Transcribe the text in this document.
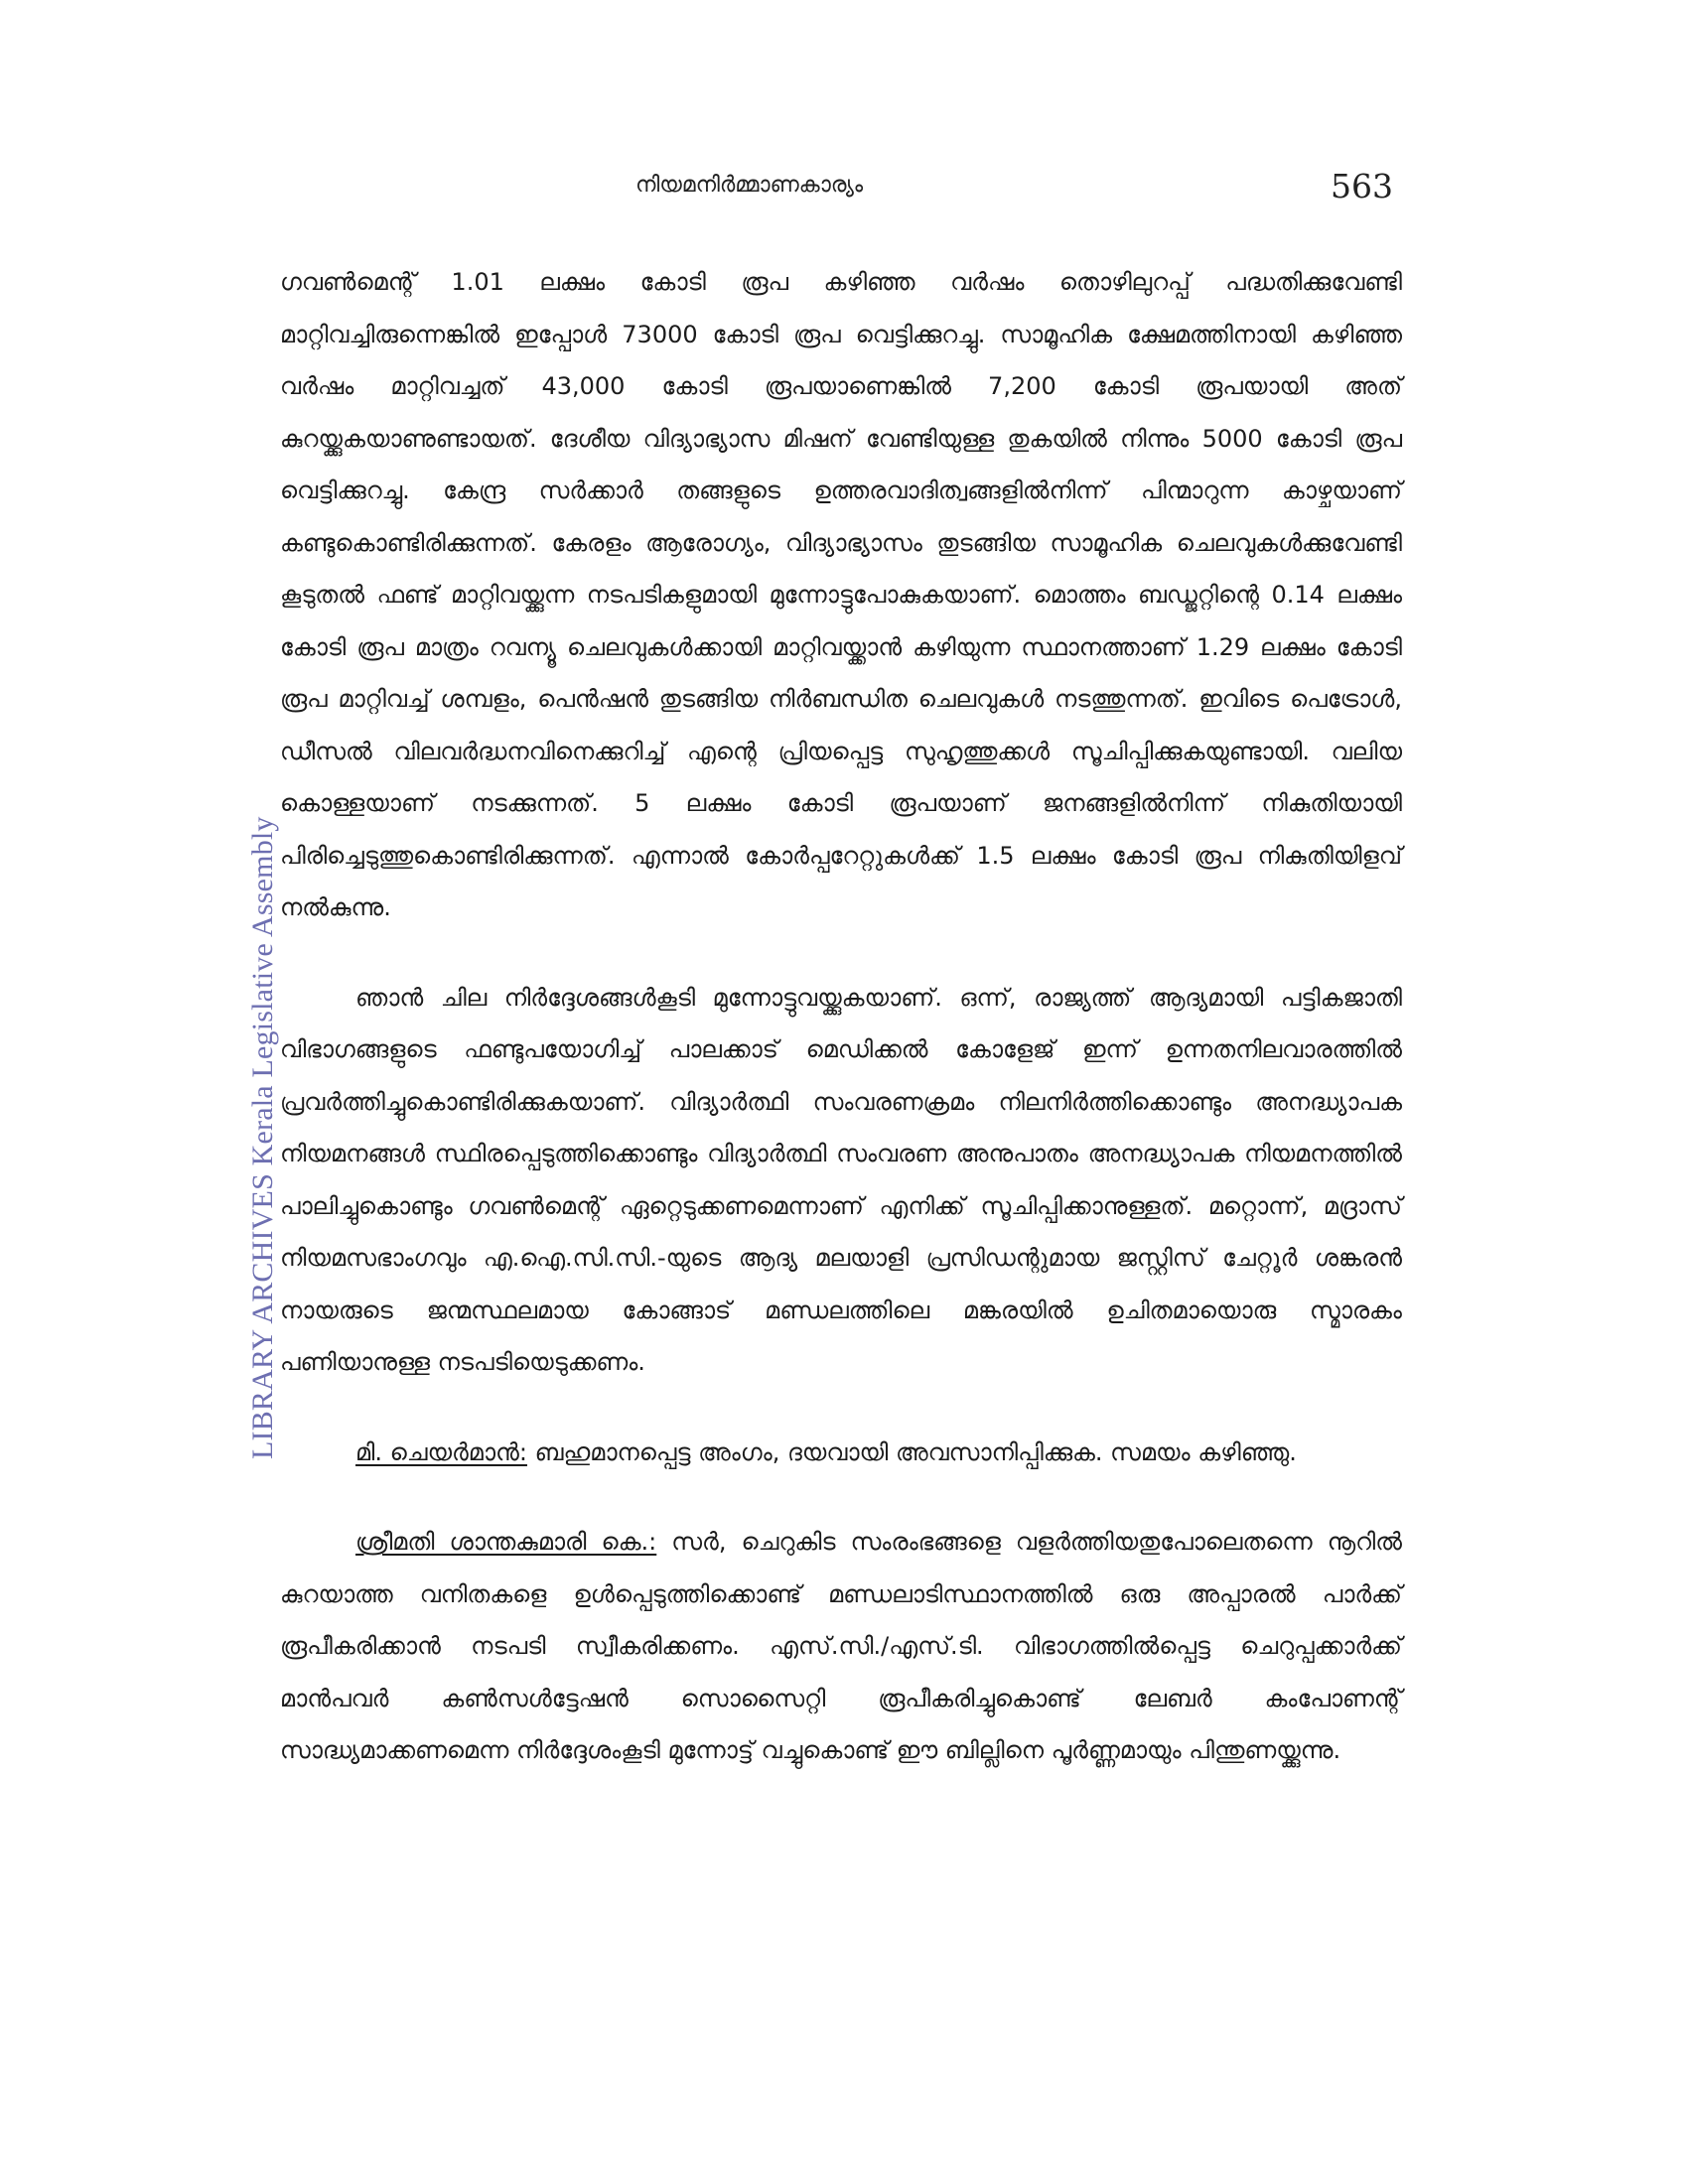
നിയമനിർമ്മാണകാര്യം	563
LIBRARY ARCHIVES Kerala Legislative Assembly

ഗവൺമെന്റ് 1.01 ലക്ഷം കോടി രൂപ കഴിഞ്ഞ വർഷം തൊഴിലുറപ്പ് പദ്ധതിക്കുവേണ്ടി മാറ്റിവച്ചിരുന്നെങ്കിൽ ഇപ്പോൾ 73000 കോടി രൂപ വെട്ടിക്കുറച്ചു. സാമൂഹിക ക്ഷേമത്തിനായി കഴിഞ്ഞ വർഷം മാറ്റിവച്ചത് 43,000 കോടി രൂപയാണെങ്കിൽ 7,200 കോടി രൂപയായി അത് കുറയ്ക്കുകയാണുണ്ടായത്. ദേശീയ വിദ്യാഭ്യാസ മിഷന് വേണ്ടിയുള്ള തുകയിൽ നിന്നും 5000 കോടി രൂപ വെട്ടിക്കുറച്ചു. കേന്ദ്ര സർക്കാർ തങ്ങളുടെ ഉത്തരവാദിത്വങ്ങളിൽനിന്ന് പിന്മാറുന്ന കാഴ്ചയാണ് കണ്ടുകൊണ്ടിരിക്കുന്നത്. കേരളം ആരോഗ്യം, വിദ്യാഭ്യാസം തുടങ്ങിയ സാമൂഹിക ചെലവുകൾക്കുവേണ്ടി കൂടുതൽ ഫണ്ട് മാറ്റിവയ്ക്കുന്ന നടപടികളുമായി മുന്നോട്ടുപോകുകയാണ്. മൊത്തം ബഡ്ജറ്റിന്റെ 0.14 ലക്ഷം കോടി രൂപ മാത്രം റവന്യൂ ചെലവുകൾക്കായി മാറ്റിവയ്ക്കാൻ കഴിയുന്ന സ്ഥാനത്താണ് 1.29 ലക്ഷം കോടി രൂപ മാറ്റിവച്ച് ശമ്പളം, പെൻഷൻ തുടങ്ങിയ നിർബന്ധിത ചെലവുകൾ നടത്തുന്നത്. ഇവിടെ പെട്രോൾ, ഡീസൽ വിലവർദ്ധനവിനെക്കുറിച്ച് എന്റെ പ്രിയപ്പെട്ട സുഹൃത്തുക്കൾ സൂചിപ്പിക്കുകയുണ്ടായി. വലിയ കൊള്ളയാണ് നടക്കുന്നത്. 5 ലക്ഷം കോടി രൂപയാണ് ജനങ്ങളിൽനിന്ന് നികുതിയായി പിരിച്ചെടുത്തുകൊണ്ടിരിക്കുന്നത്. എന്നാൽ കോർപ്പറേറ്റുകൾക്ക് 1.5 ലക്ഷം കോടി രൂപ നികുതിയിളവ് നൽകുന്നു.

ഞാൻ ചില നിർദ്ദേശങ്ങൾകൂടി മുന്നോട്ടുവയ്ക്കുകയാണ്. ഒന്ന്, രാജ്യത്ത് ആദ്യമായി പട്ടികജാതി വിഭാഗങ്ങളുടെ ഫണ്ടുപയോഗിച്ച് പാലക്കാട് മെഡിക്കൽ കോളേജ് ഇന്ന് ഉന്നതനിലവാരത്തിൽ പ്രവർത്തിച്ചുകൊണ്ടിരിക്കുകയാണ്. വിദ്യാർത്ഥി സംവരണക്രമം നിലനിർത്തിക്കൊണ്ടും അനദ്ധ്യാപക നിയമനങ്ങൾ സ്ഥിരപ്പെടുത്തിക്കൊണ്ടും വിദ്യാർത്ഥി സംവരണ അനുപാതം അനദ്ധ്യാപക നിയമനത്തിൽ പാലിച്ചുകൊണ്ടും ഗവൺമെന്റ് ഏറ്റെടുക്കണമെന്നാണ് എനിക്ക് സൂചിപ്പിക്കാനുള്ളത്. മറ്റൊന്ന്, മദ്രാസ് നിയമസഭാംഗവും എ.ഐ.സി.സി.-യുടെ ആദ്യ മലയാളി പ്രസിഡന്റുമായ ജസ്റ്റിസ് ചേറ്റൂർ ശങ്കരൻ നായരുടെ ജന്മസ്ഥലമായ കോങ്ങാട് മണ്ഡലത്തിലെ മങ്കരയിൽ ഉചിതമായൊരു സ്മാരകം പണിയാനുള്ള നടപടിയെടുക്കണം.

മി. ചെയർമാൻ: ബഹുമാനപ്പെട്ട അംഗം, ദയവായി അവസാനിപ്പിക്കുക. സമയം കഴിഞ്ഞു.

ശ്രീമതി ശാന്തകുമാരി കെ.: സർ, ചെറുകിട സംരംഭങ്ങളെ വളർത്തിയതുപോലെതന്നെ നൂറിൽ കുറയാത്ത വനിതകളെ ഉൾപ്പെടുത്തിക്കൊണ്ട് മണ്ഡലാടിസ്ഥാനത്തിൽ ഒരു അപ്പാരൽ പാർക്ക് രൂപീകരിക്കാൻ നടപടി സ്വീകരിക്കണം. എസ്.സി./എസ്.ടി. വിഭാഗത്തിൽപ്പെട്ട ചെറുപ്പക്കാർക്ക് മാൻപവർ കൺസൾട്ടേഷൻ സൊസൈറ്റി രൂപീകരിച്ചുകൊണ്ട് ലേബർ കംപോണന്റ് സാദ്ധ്യമാക്കണമെന്ന നിർദ്ദേശംകൂടി മുന്നോട്ട് വച്ചുകൊണ്ട് ഈ ബില്ലിനെ പൂർണ്ണമായും പിന്തുണയ്ക്കുന്നു.
